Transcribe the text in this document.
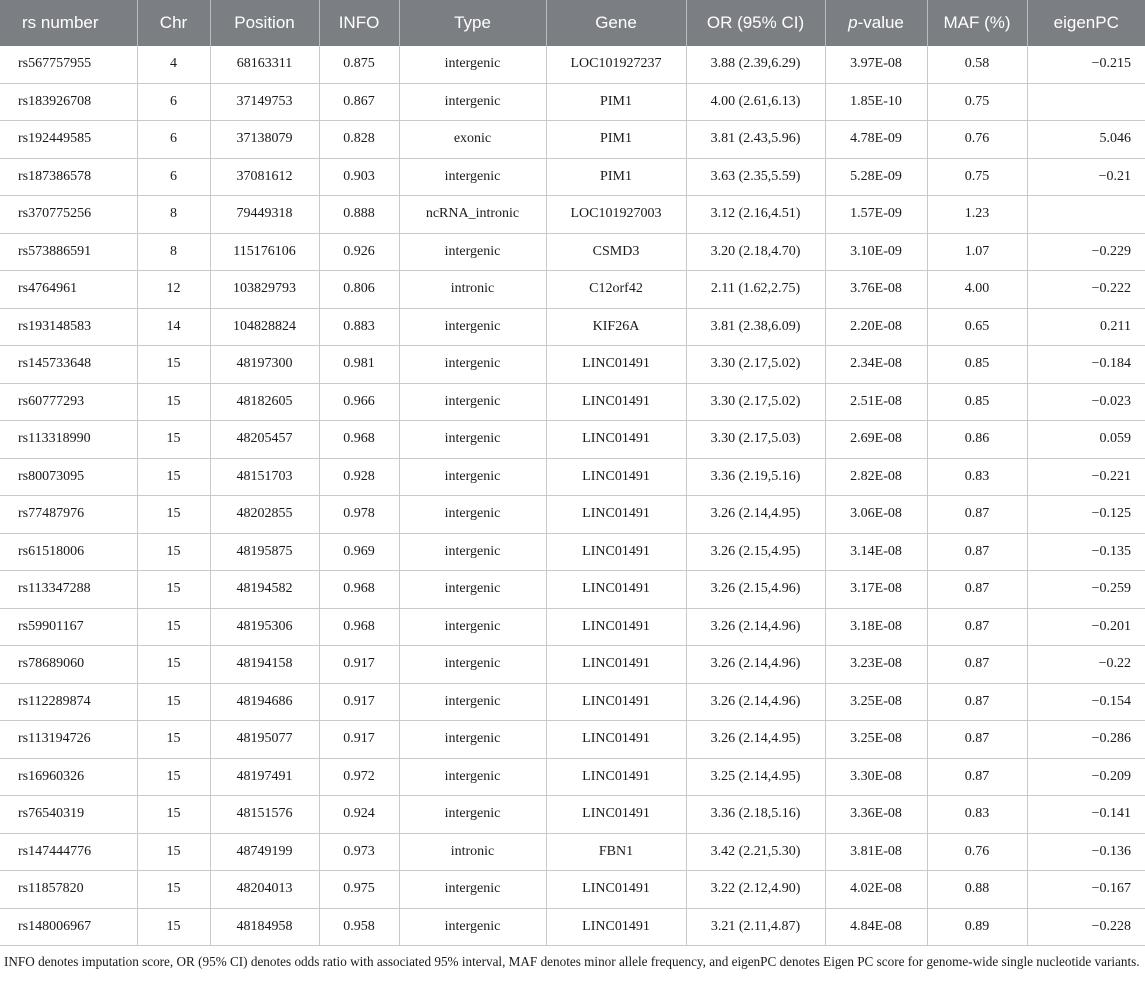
rs number	Chr	Position	INFO	Type	Gene	OR (95% CI)	p-value	MAF (%)	eigenPC
rs567757955	4	68163311	0.875	intergenic	LOC101927237	3.88 (2.39,6.29)	3.97E-08	0.58	−0.215
rs183926708	6	37149753	0.867	intergenic	PIM1	4.00 (2.61,6.13)	1.85E-10	0.75	
rs192449585	6	37138079	0.828	exonic	PIM1	3.81 (2.43,5.96)	4.78E-09	0.76	5.046
rs187386578	6	37081612	0.903	intergenic	PIM1	3.63 (2.35,5.59)	5.28E-09	0.75	−0.21
rs370775256	8	79449318	0.888	ncRNA_intronic	LOC101927003	3.12 (2.16,4.51)	1.57E-09	1.23	
rs573886591	8	115176106	0.926	intergenic	CSMD3	3.20 (2.18,4.70)	3.10E-09	1.07	−0.229
rs4764961	12	103829793	0.806	intronic	C12orf42	2.11 (1.62,2.75)	3.76E-08	4.00	−0.222
rs193148583	14	104828824	0.883	intergenic	KIF26A	3.81 (2.38,6.09)	2.20E-08	0.65	0.211
rs145733648	15	48197300	0.981	intergenic	LINC01491	3.30 (2.17,5.02)	2.34E-08	0.85	−0.184
rs60777293	15	48182605	0.966	intergenic	LINC01491	3.30 (2.17,5.02)	2.51E-08	0.85	−0.023
rs113318990	15	48205457	0.968	intergenic	LINC01491	3.30 (2.17,5.03)	2.69E-08	0.86	0.059
rs80073095	15	48151703	0.928	intergenic	LINC01491	3.36 (2.19,5.16)	2.82E-08	0.83	−0.221
rs77487976	15	48202855	0.978	intergenic	LINC01491	3.26 (2.14,4.95)	3.06E-08	0.87	−0.125
rs61518006	15	48195875	0.969	intergenic	LINC01491	3.26 (2.15,4.95)	3.14E-08	0.87	−0.135
rs113347288	15	48194582	0.968	intergenic	LINC01491	3.26 (2.15,4.96)	3.17E-08	0.87	−0.259
rs59901167	15	48195306	0.968	intergenic	LINC01491	3.26 (2.14,4.96)	3.18E-08	0.87	−0.201
rs78689060	15	48194158	0.917	intergenic	LINC01491	3.26 (2.14,4.96)	3.23E-08	0.87	−0.22
rs112289874	15	48194686	0.917	intergenic	LINC01491	3.26 (2.14,4.96)	3.25E-08	0.87	−0.154
rs113194726	15	48195077	0.917	intergenic	LINC01491	3.26 (2.14,4.95)	3.25E-08	0.87	−0.286
rs16960326	15	48197491	0.972	intergenic	LINC01491	3.25 (2.14,4.95)	3.30E-08	0.87	−0.209
rs76540319	15	48151576	0.924	intergenic	LINC01491	3.36 (2.18,5.16)	3.36E-08	0.83	−0.141
rs147444776	15	48749199	0.973	intronic	FBN1	3.42 (2.21,5.30)	3.81E-08	0.76	−0.136
rs11857820	15	48204013	0.975	intergenic	LINC01491	3.22 (2.12,4.90)	4.02E-08	0.88	−0.167
rs148006967	15	48184958	0.958	intergenic	LINC01491	3.21 (2.11,4.87)	4.84E-08	0.89	−0.228

INFO denotes imputation score, OR (95% CI) denotes odds ratio with associated 95% interval, MAF denotes minor allele frequency, and eigenPC denotes Eigen PC score for genome-wide single nucleotide variants.
